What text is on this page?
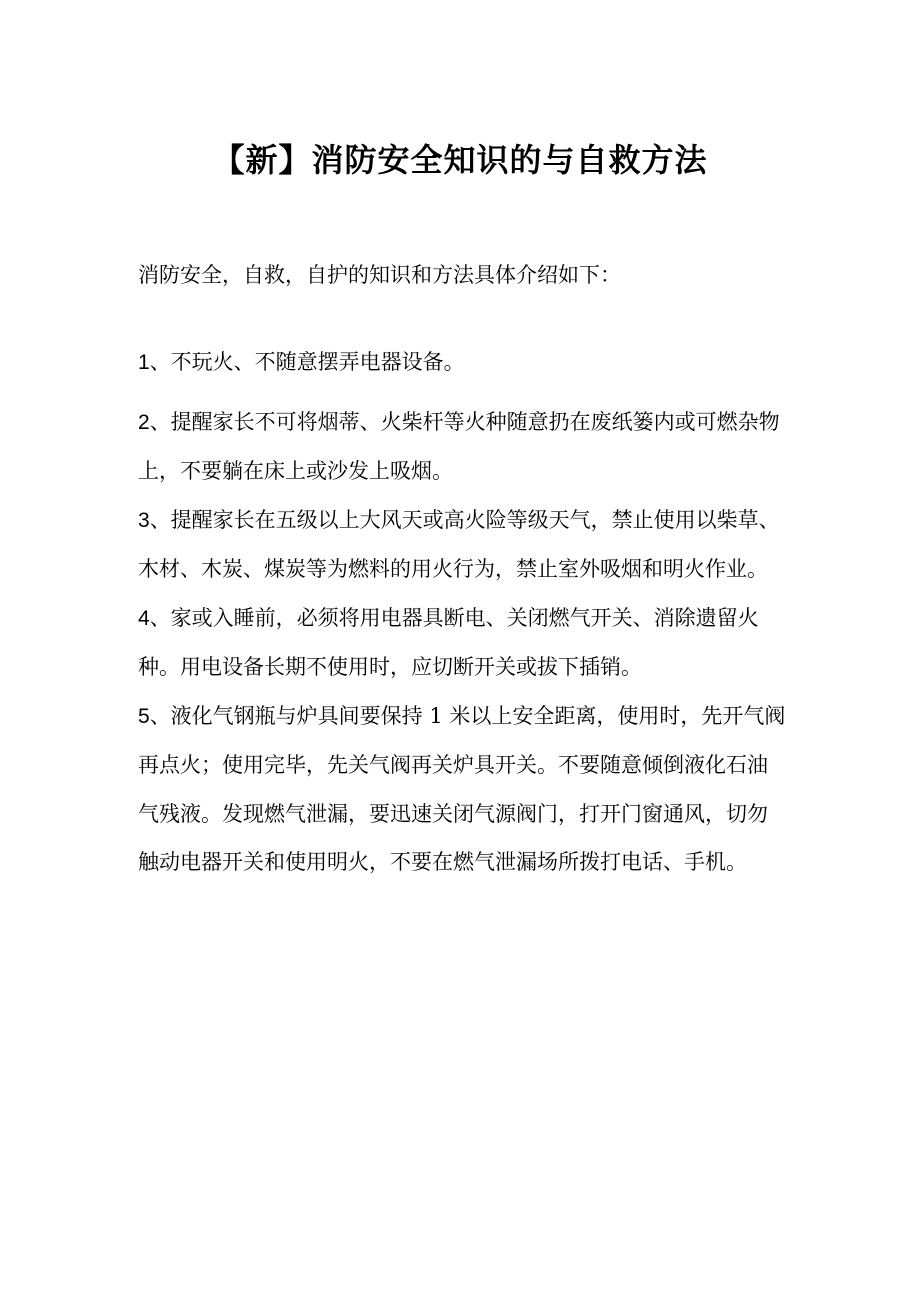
【新】消防安全知识的与自救方法

消防安全，自救，自护的知识和方法具体介绍如下：

1、不玩火、不随意摆弄电器设备。
2、提醒家长不可将烟蒂、火柴杆等火种随意扔在废纸篓内或可燃杂物上，不要躺在床上或沙发上吸烟。
3、提醒家长在五级以上大风天或高火险等级天气，禁止使用以柴草、木材、木炭、煤炭等为燃料的用火行为，禁止室外吸烟和明火作业。
4、家或入睡前，必须将用电器具断电、关闭燃气开关、消除遗留火种。用电设备长期不使用时，应切断开关或拔下插销。
5、液化气钢瓶与炉具间要保持 1 米以上安全距离，使用时，先开气阀再点火；使用完毕，先关气阀再关炉具开关。不要随意倾倒液化石油气残液。发现燃气泄漏，要迅速关闭气源阀门，打开门窗通风，切勿触动电器开关和使用明火，不要在燃气泄漏场所拨打电话、手机。
